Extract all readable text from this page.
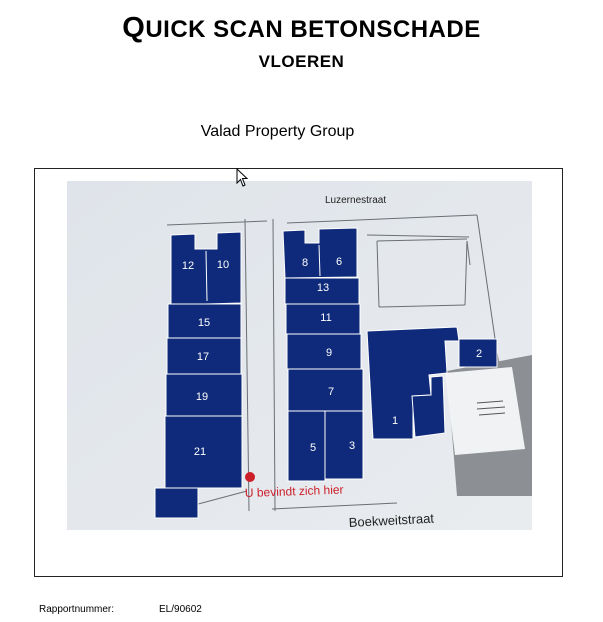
QUICK SCAN BETONSCHADE
VLOEREN
Valad Property Group
12 10
15
17
19
21
8	6
13
11
9
7
5	3
1
2
Luzernestraat
Boekweitstraat
U bevindt zich hier
Rapportnummer:	EL/90602
